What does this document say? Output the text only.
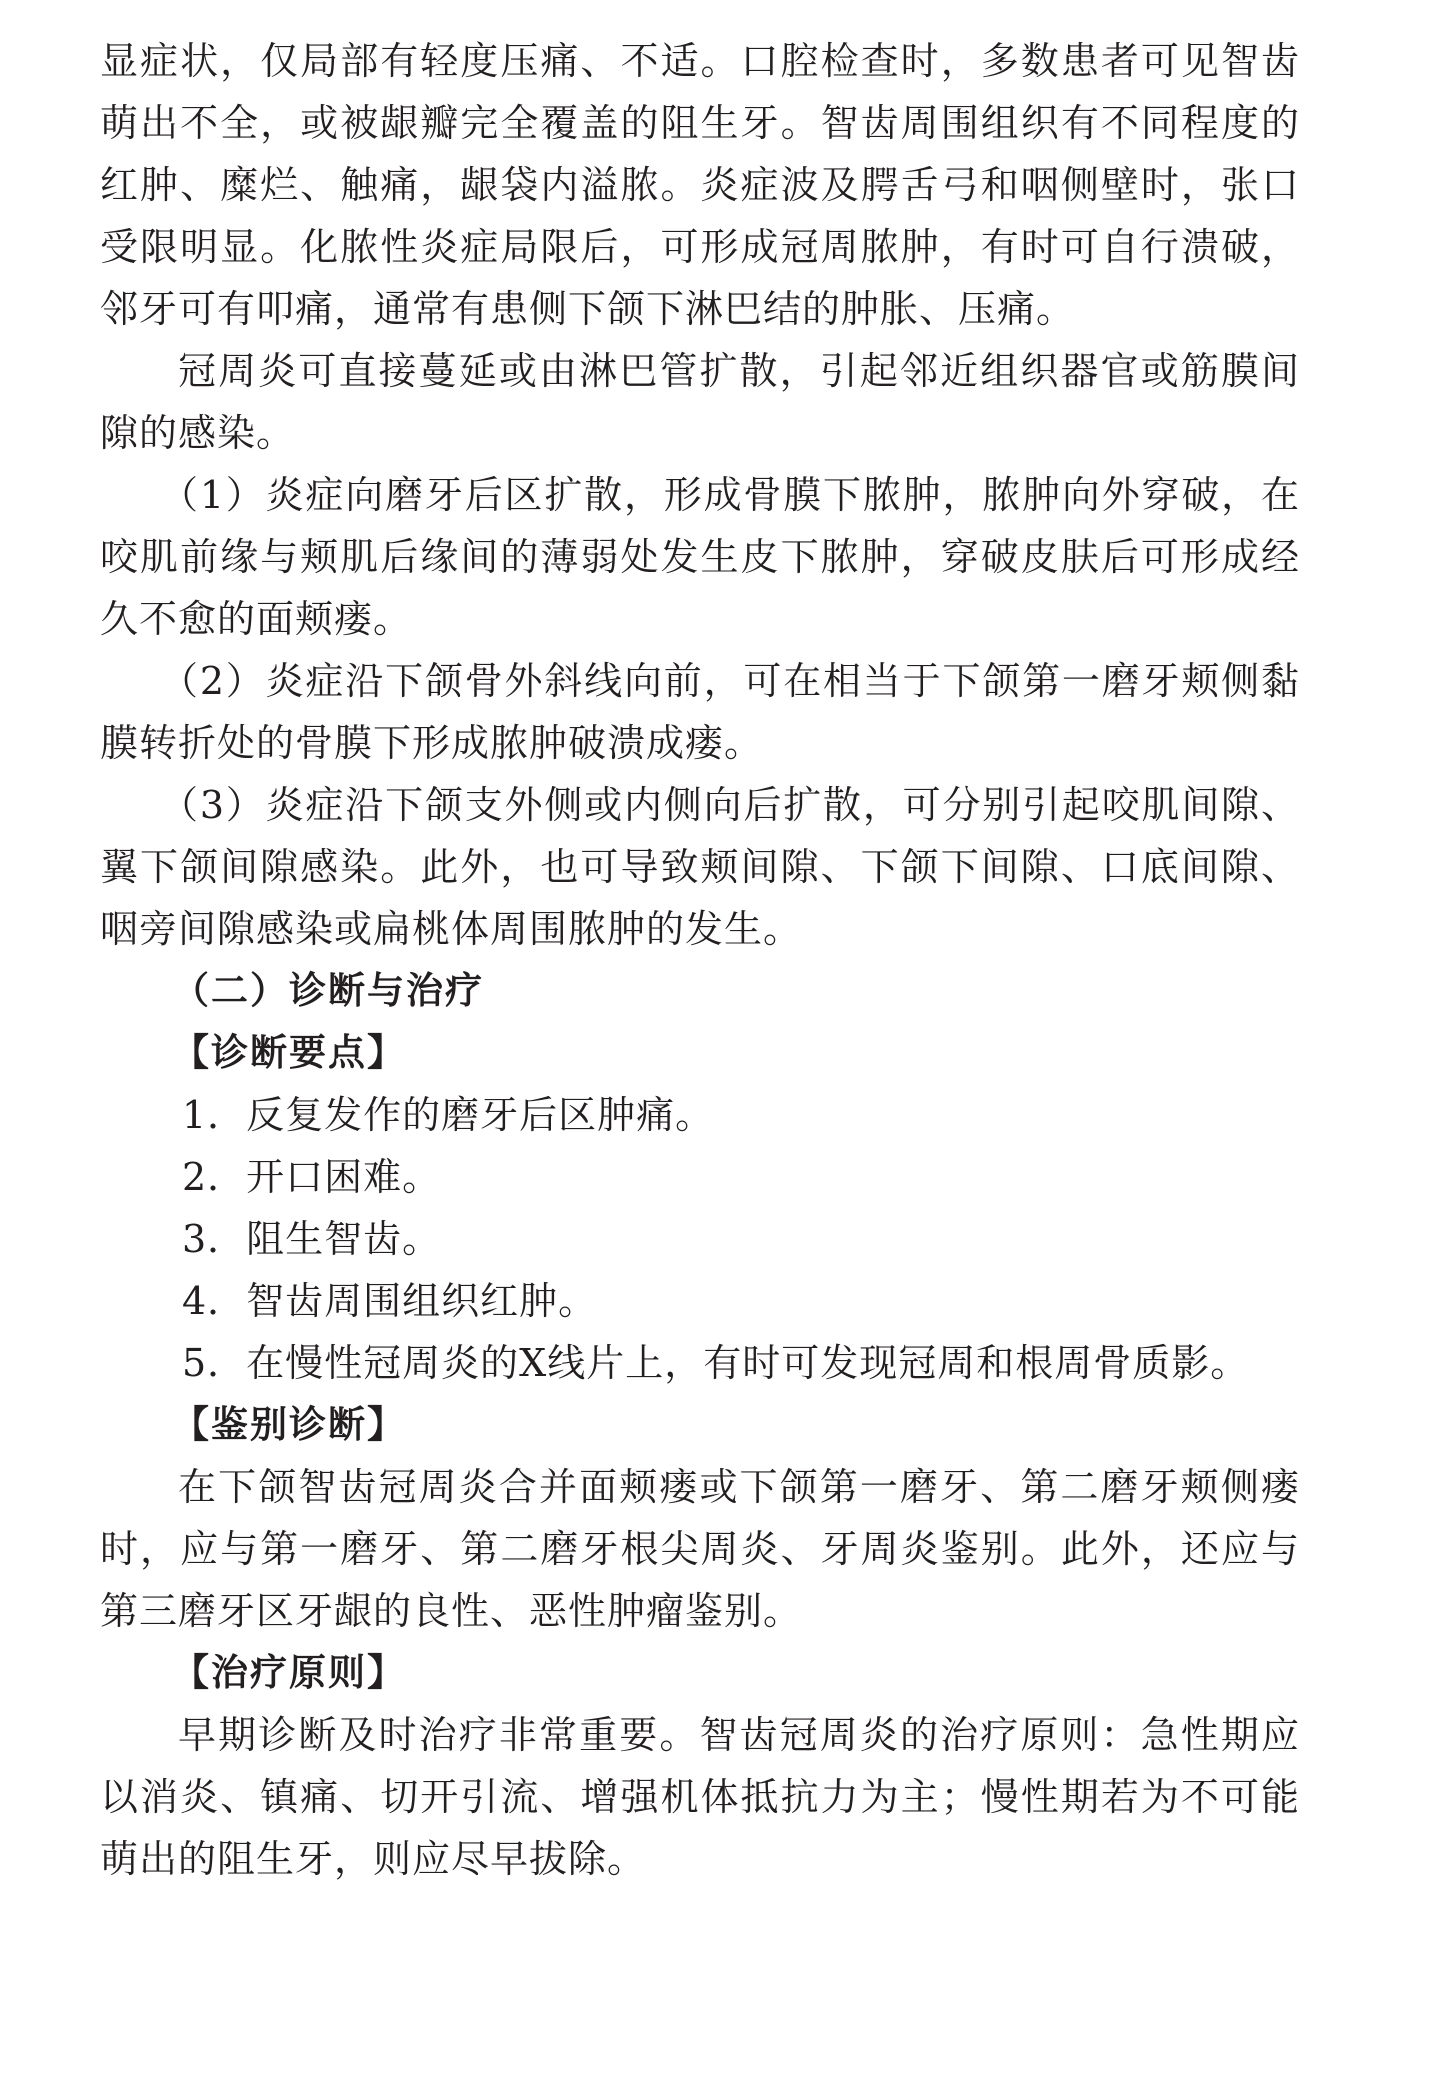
显症状，仅局部有轻度压痛、不适。口腔检查时，多数患者可见智齿萌出不全，或被龈瓣完全覆盖的阻生牙。智齿周围组织有不同程度的红肿、糜烂、触痛，龈袋内溢脓。炎症波及腭舌弓和咽侧壁时，张口受限明显。化脓性炎症局限后，可形成冠周脓肿，有时可自行溃破，邻牙可有叩痛，通常有患侧下颌下淋巴结的肿胀、压痛。

冠周炎可直接蔓延或由淋巴管扩散，引起邻近组织器官或筋膜间隙的感染。

（1）炎症向磨牙后区扩散，形成骨膜下脓肿，脓肿向外穿破，在咬肌前缘与颊肌后缘间的薄弱处发生皮下脓肿，穿破皮肤后可形成经久不愈的面颊瘘。

（2）炎症沿下颌骨外斜线向前，可在相当于下颌第一磨牙颊侧黏膜转折处的骨膜下形成脓肿破溃成瘘。

（3）炎症沿下颌支外侧或内侧向后扩散，可分别引起咬肌间隙、翼下颌间隙感染。此外，也可导致颊间隙、下颌下间隙、口底间隙、咽旁间隙感染或扁桃体周围脓肿的发生。

（二）诊断与治疗

【诊断要点】

1．反复发作的磨牙后区肿痛。

2．开口困难。

3．阻生智齿。

4．智齿周围组织红肿。

5．在慢性冠周炎的X线片上，有时可发现冠周和根周骨质影。

【鉴别诊断】

在下颌智齿冠周炎合并面颊瘘或下颌第一磨牙、第二磨牙颊侧瘘时，应与第一磨牙、第二磨牙根尖周炎、牙周炎鉴别。此外，还应与第三磨牙区牙龈的良性、恶性肿瘤鉴别。

【治疗原则】

早期诊断及时治疗非常重要。智齿冠周炎的治疗原则：急性期应以消炎、镇痛、切开引流、增强机体抵抗力为主；慢性期若为不可能萌出的阻生牙，则应尽早拔除。
